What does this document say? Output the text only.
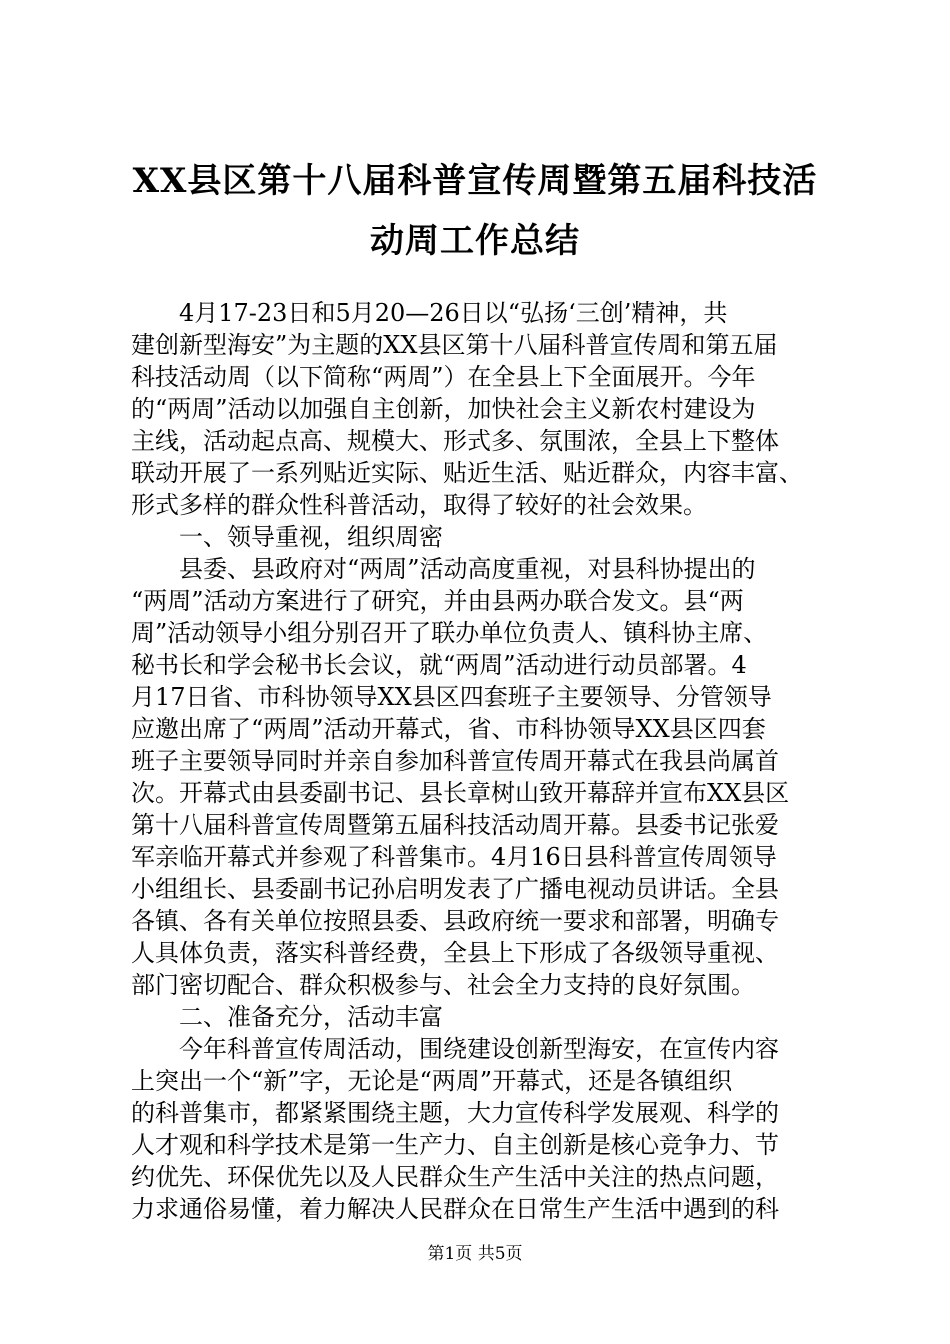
XX县区第十八届科普宣传周暨第五届科技活
动周工作总结
4月17-23日和5月20—26日以“弘扬‘三创’精神，共
建创新型海安”为主题的XX县区第十八届科普宣传周和第五届
科技活动周（以下简称“两周”）在全县上下全面展开。今年
的“两周”活动以加强自主创新，加快社会主义新农村建设为
主线，活动起点高、规模大、形式多、氛围浓，全县上下整体
联动开展了一系列贴近实际、贴近生活、贴近群众，内容丰富、
形式多样的群众性科普活动，取得了较好的社会效果。
一、领导重视，组织周密
县委、县政府对“两周”活动高度重视，对县科协提出的
“两周”活动方案进行了研究，并由县两办联合发文。县“两
周”活动领导小组分别召开了联办单位负责人、镇科协主席、
秘书长和学会秘书长会议，就“两周”活动进行动员部署。4
月17日省、市科协领导XX县区四套班子主要领导、分管领导
应邀出席了“两周”活动开幕式，省、市科协领导XX县区四套
班子主要领导同时并亲自参加科普宣传周开幕式在我县尚属首
次。开幕式由县委副书记、县长章树山致开幕辞并宣布XX县区
第十八届科普宣传周暨第五届科技活动周开幕。县委书记张爱
军亲临开幕式并参观了科普集市。4月16日县科普宣传周领导
小组组长、县委副书记孙启明发表了广播电视动员讲话。全县
各镇、各有关单位按照县委、县政府统一要求和部署，明确专
人具体负责，落实科普经费，全县上下形成了各级领导重视、
部门密切配合、群众积极参与、社会全力支持的良好氛围。
二、准备充分，活动丰富
今年科普宣传周活动，围绕建设创新型海安，在宣传内容
上突出一个“新”字，无论是“两周”开幕式，还是各镇组织
的科普集市，都紧紧围绕主题，大力宣传科学发展观、科学的
人才观和科学技术是第一生产力、自主创新是核心竞争力、节
约优先、环保优先以及人民群众生产生活中关注的热点问题，
力求通俗易懂，着力解决人民群众在日常生产生活中遇到的科
第1页 共5页
